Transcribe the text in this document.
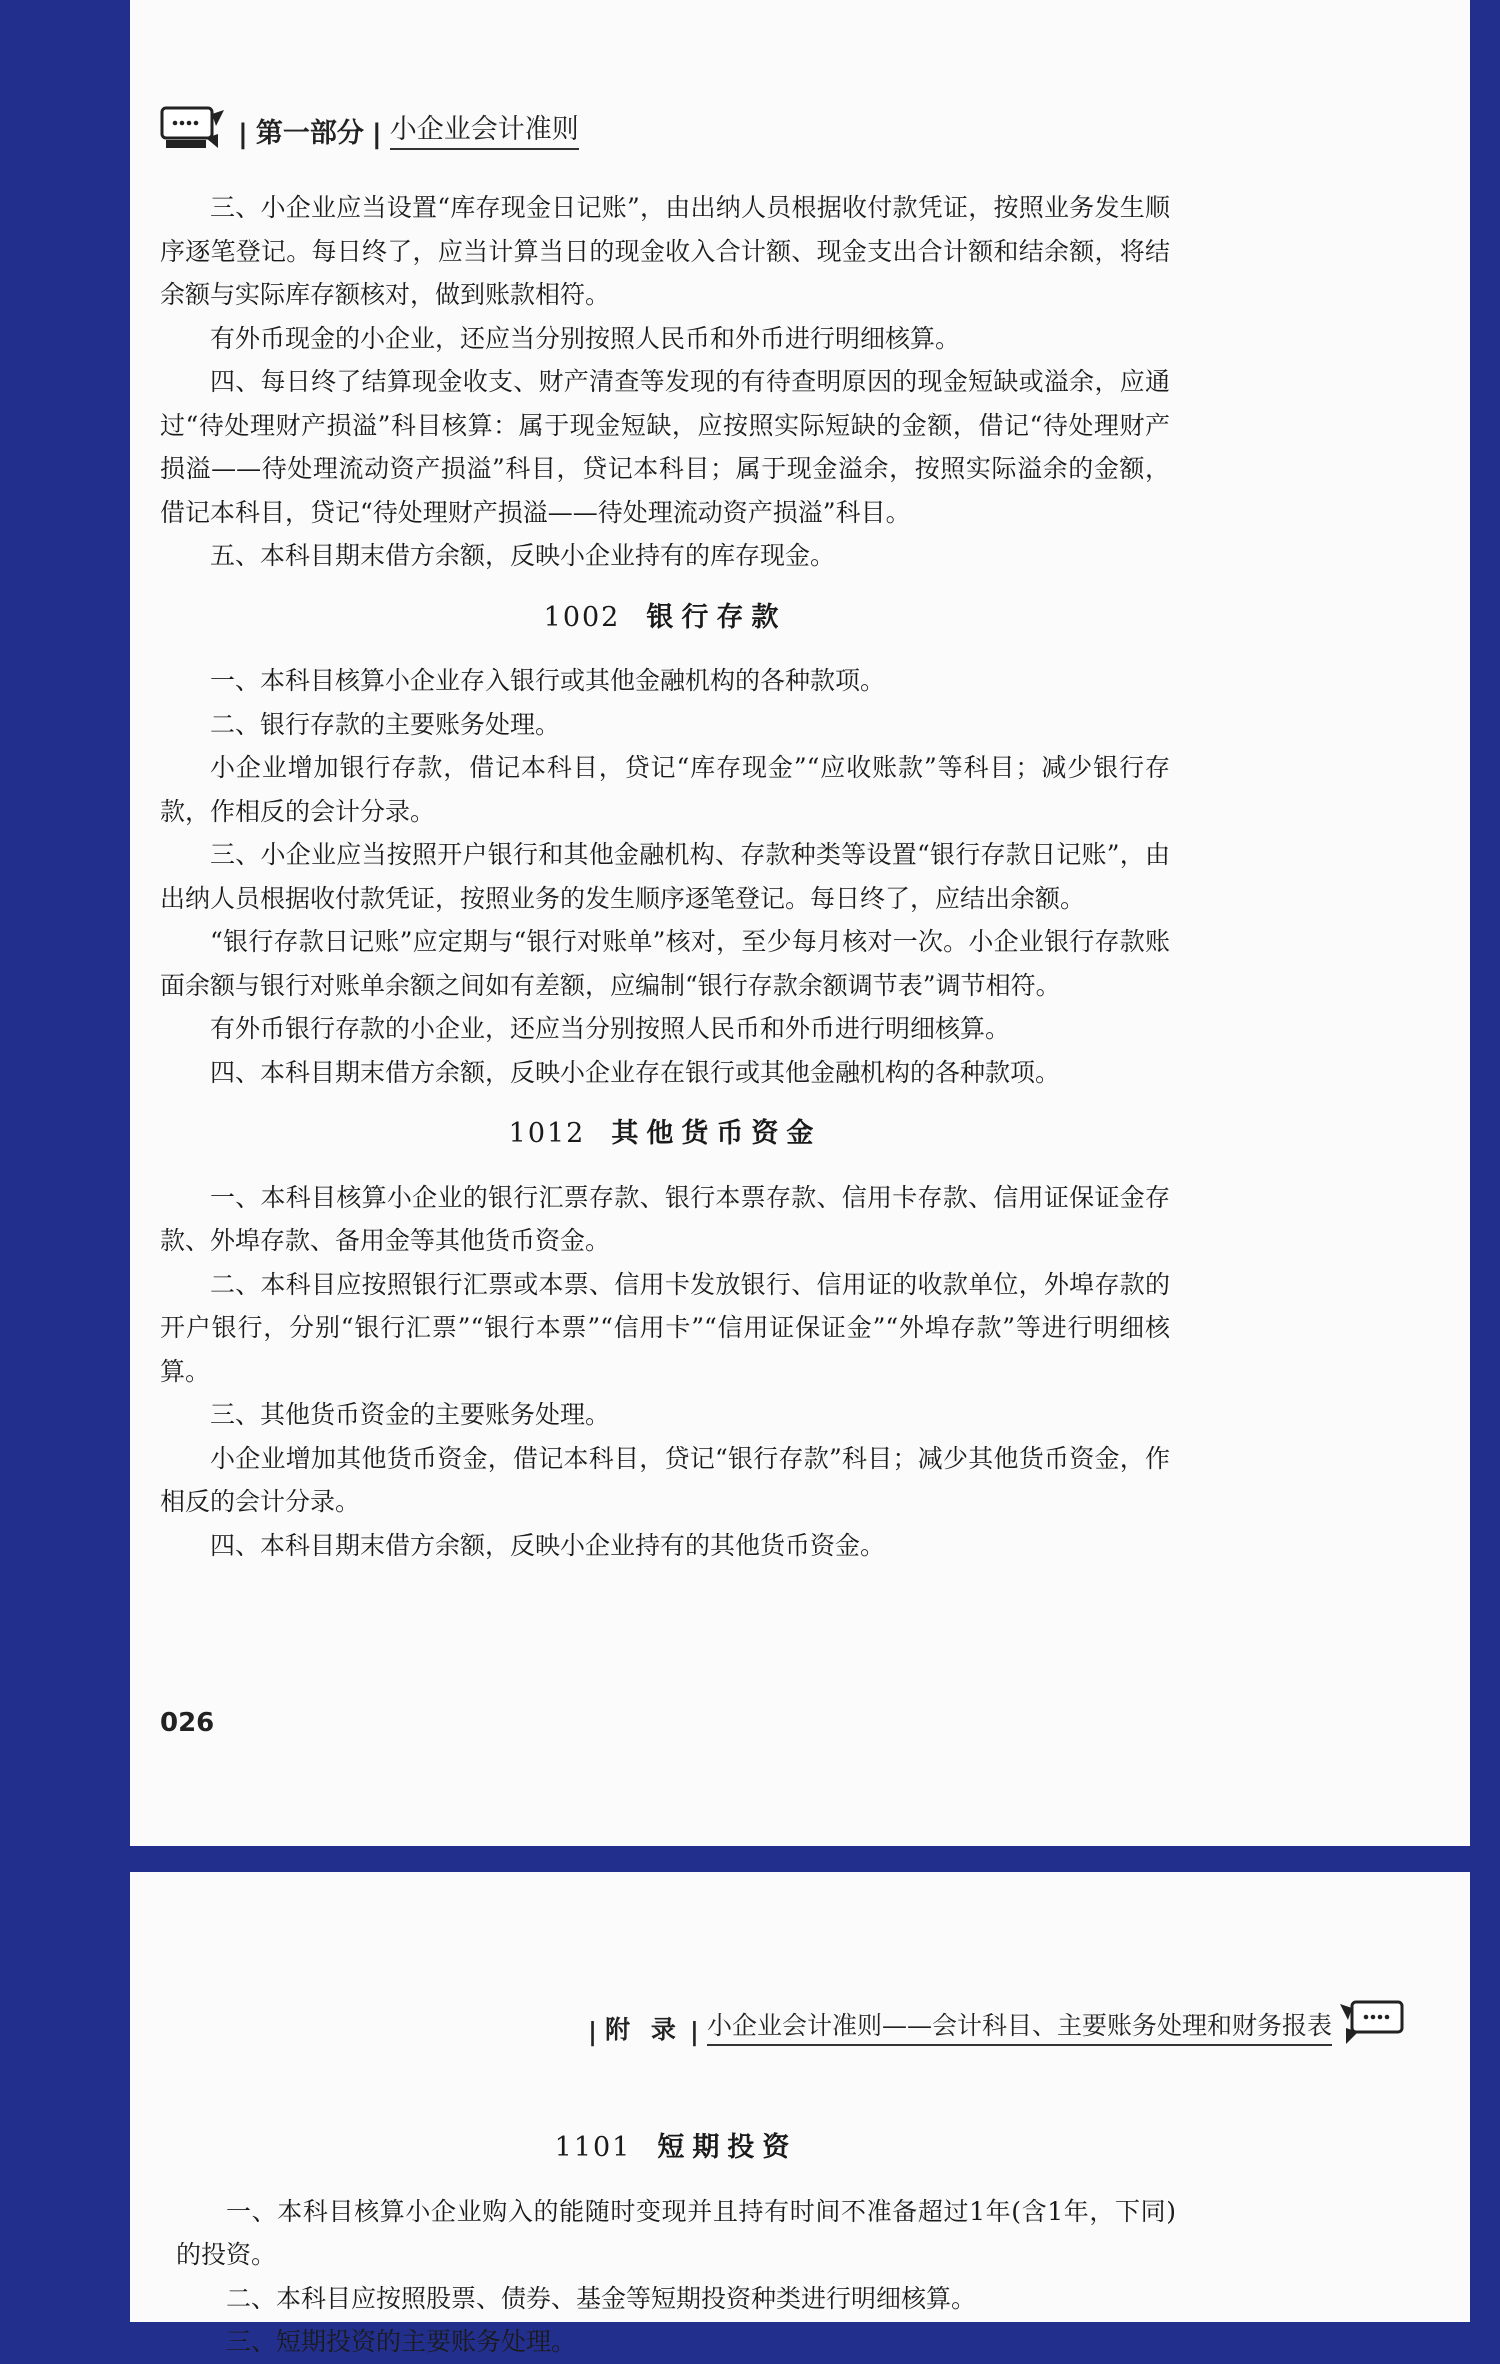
| 第一部分 | 小企业会计准则

三、小企业应当设置“库存现金日记账”，由出纳人员根据收付款凭证，按照业务发生顺序逐笔登记。每日终了，应当计算当日的现金收入合计额、现金支出合计额和结余额，将结余额与实际库存额核对，做到账款相符。

有外币现金的小企业，还应当分别按照人民币和外币进行明细核算。

四、每日终了结算现金收支、财产清查等发现的有待查明原因的现金短缺或溢余，应通过“待处理财产损溢”科目核算：属于现金短缺，应按照实际短缺的金额，借记“待处理财产损溢——待处理流动资产损溢”科目，贷记本科目；属于现金溢余，按照实际溢余的金额，借记本科目，贷记“待处理财产损溢——待处理流动资产损溢”科目。

五、本科目期末借方余额，反映小企业持有的库存现金。

1002 银行存款

一、本科目核算小企业存入银行或其他金融机构的各种款项。

二、银行存款的主要账务处理。

小企业增加银行存款，借记本科目，贷记“库存现金”“应收账款”等科目；减少银行存款，作相反的会计分录。

三、小企业应当按照开户银行和其他金融机构、存款种类等设置“银行存款日记账”，由出纳人员根据收付款凭证，按照业务的发生顺序逐笔登记。每日终了，应结出余额。

“银行存款日记账”应定期与“银行对账单”核对，至少每月核对一次。小企业银行存款账面余额与银行对账单余额之间如有差额，应编制“银行存款余额调节表”调节相符。

有外币银行存款的小企业，还应当分别按照人民币和外币进行明细核算。

四、本科目期末借方余额，反映小企业存在银行或其他金融机构的各种款项。

1012 其他货币资金

一、本科目核算小企业的银行汇票存款、银行本票存款、信用卡存款、信用证保证金存款、外埠存款、备用金等其他货币资金。

二、本科目应按照银行汇票或本票、信用卡发放银行、信用证的收款单位，外埠存款的开户银行，分别“银行汇票”“银行本票”“信用卡”“信用证保证金”“外埠存款”等进行明细核算。

三、其他货币资金的主要账务处理。

小企业增加其他货币资金，借记本科目，贷记“银行存款”科目；减少其他货币资金，作相反的会计分录。

四、本科目期末借方余额，反映小企业持有的其他货币资金。

026
| 附 录 | 小企业会计准则——会计科目、主要账务处理和财务报表
1101 短期投资

一、本科目核算小企业购入的能随时变现并且持有时间不准备超过1年(含1年，下同)的投资。

二、本科目应按照股票、债券、基金等短期投资种类进行明细核算。

三、短期投资的主要账务处理。
